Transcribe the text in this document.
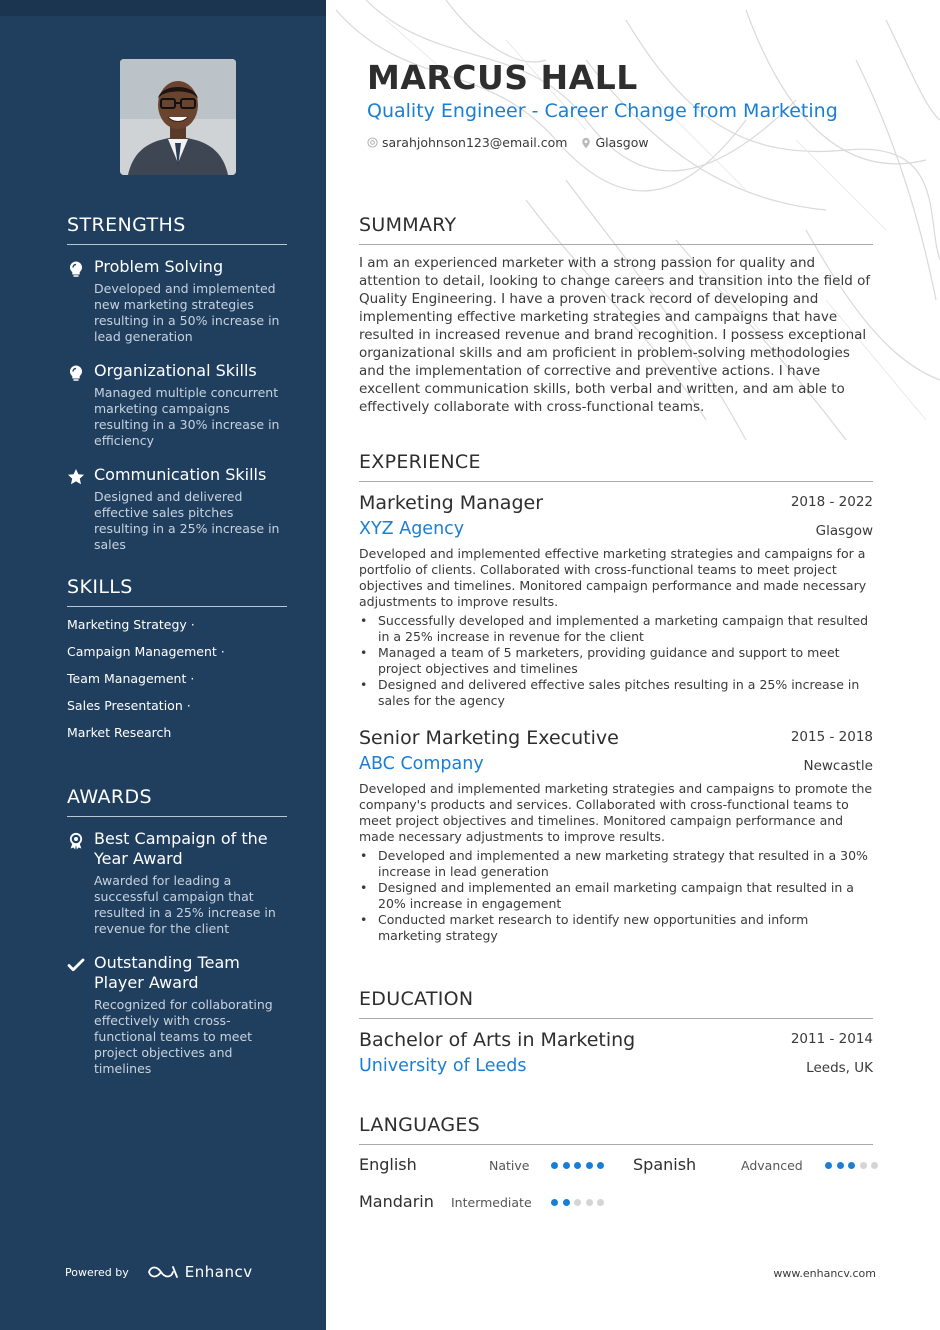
STRENGTHS
Problem Solving
Developed and implemented new marketing strategies resulting in a 50% increase in lead generation
Organizational Skills
Managed multiple concurrent marketing campaigns resulting in a 30% increase in efficiency
Communication Skills
Designed and delivered effective sales pitches resulting in a 25% increase in sales
SKILLS
Marketing Strategy ·
Campaign Management ·
Team Management ·
Sales Presentation ·
Market Research
AWARDS
Best Campaign of the Year Award
Awarded for leading a successful campaign that resulted in a 25% increase in revenue for the client
Outstanding Team Player Award
Recognized for collaborating effectively with cross-functional teams to meet project objectives and timelines
Powered by	Enhancv
MARCUS HALL
Quality Engineer - Career Change from Marketing
sarahjohnson123@email.com Glasgow
SUMMARY

I am an experienced marketer with a strong passion for quality and attention to detail, looking to change careers and transition into the field of Quality Engineering. I have a proven track record of developing and implementing effective marketing strategies and campaigns that have resulted in increased revenue and brand recognition. I possess exceptional organizational skills and am proficient in problem-solving methodologies and the implementation of corrective and preventive actions. I have excellent communication skills, both verbal and written, and am able to effectively collaborate with cross-functional teams.

EXPERIENCE
Marketing Manager	2018 - 2022
XYZ Agency	Glasgow

Developed and implemented effective marketing strategies and campaigns for a portfolio of clients. Collaborated with cross-functional teams to meet project objectives and timelines. Monitored campaign performance and made necessary adjustments to improve results.

• Successfully developed and implemented a marketing campaign that resulted in a 25% increase in revenue for the client
• Managed a team of 5 marketers, providing guidance and support to meet project objectives and timelines
• Designed and delivered effective sales pitches resulting in a 25% increase in sales for the agency
Senior Marketing Executive	2015 - 2018
ABC Company	Newcastle

Developed and implemented marketing strategies and campaigns to promote the company's products and services. Collaborated with cross-functional teams to meet project objectives and timelines. Monitored campaign performance and made necessary adjustments to improve results.

• Developed and implemented a new marketing strategy that resulted in a 30% increase in lead generation
• Designed and implemented an email marketing campaign that resulted in a 20% increase in engagement
• Conducted market research to identify new opportunities and inform marketing strategy
EDUCATION
Bachelor of Arts in Marketing	2011 - 2014
University of Leeds	Leeds, UK
LANGUAGES
English	Native	Spanish	Advanced
Mandarin Intermediate
www.enhancv.com
